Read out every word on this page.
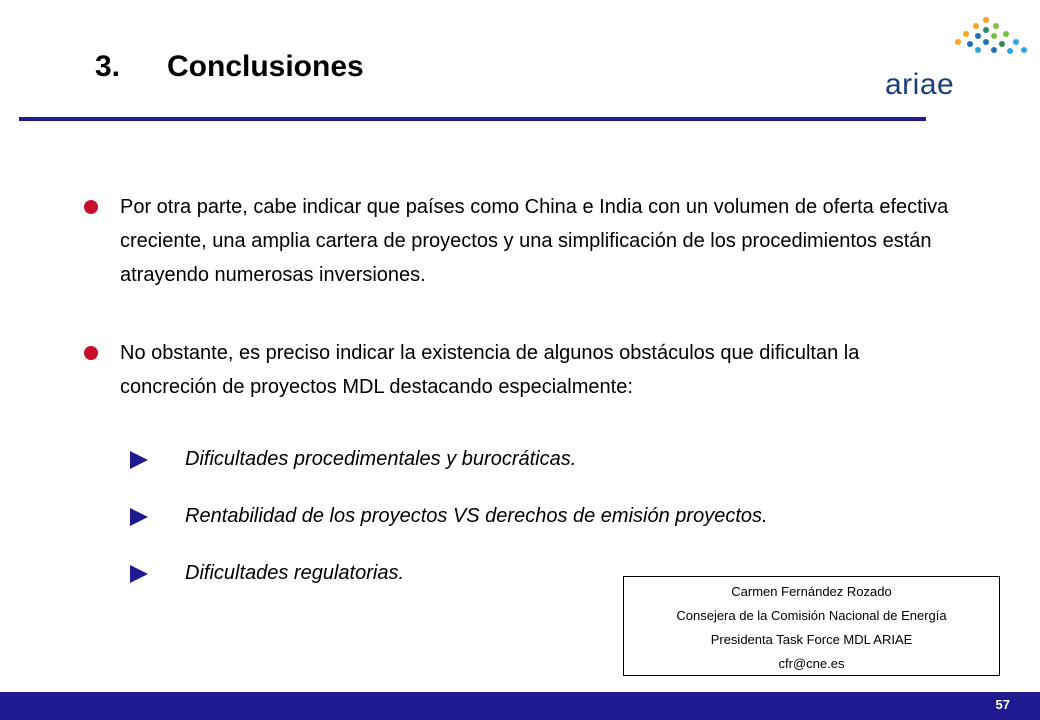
3. Conclusiones
ariae
Por otra parte, cabe indicar que países como China e India con un volumen de oferta efectiva creciente, una amplia cartera de proyectos y una simplificación de los procedimientos están atrayendo numerosas inversiones.
No obstante, es preciso indicar la existencia de algunos obstáculos que dificultan la concreción de proyectos MDL destacando especialmente:
Dificultades procedimentales y burocráticas.
Rentabilidad de los proyectos VS derechos de emisión proyectos.
Dificultades regulatorias.
Carmen Fernández Rozado
Consejera de la Comisión Nacional de Energía
Presidenta Task Force MDL ARIAE
cfr@cne.es
57
